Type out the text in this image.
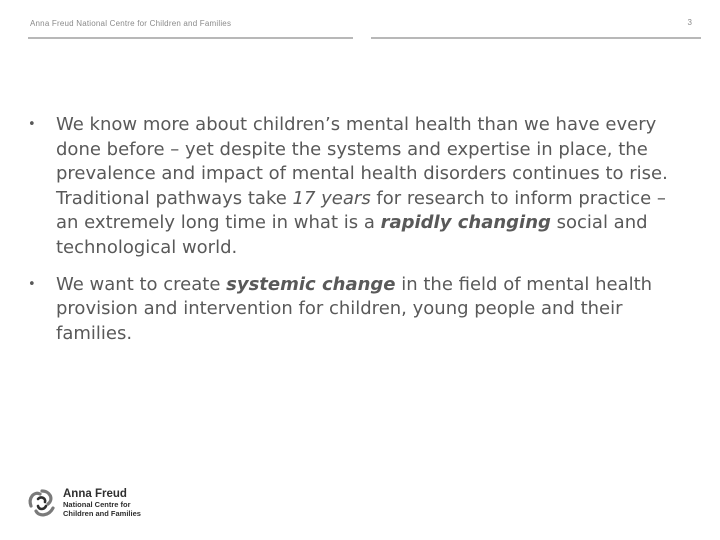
Anna Freud National Centre for Children and Families	3
•	We know more about children’s mental health than we have every done before – yet despite the systems and expertise in place, the prevalence and impact of mental health disorders continues to rise. Traditional pathways take 17 years for research to inform practice – an extremely long time in what is a rapidly changing social and technological world.
•	We want to create systemic change in the field of mental health provision and intervention for children, young people and their families.
Anna Freud
National Centre for
Children and Families
